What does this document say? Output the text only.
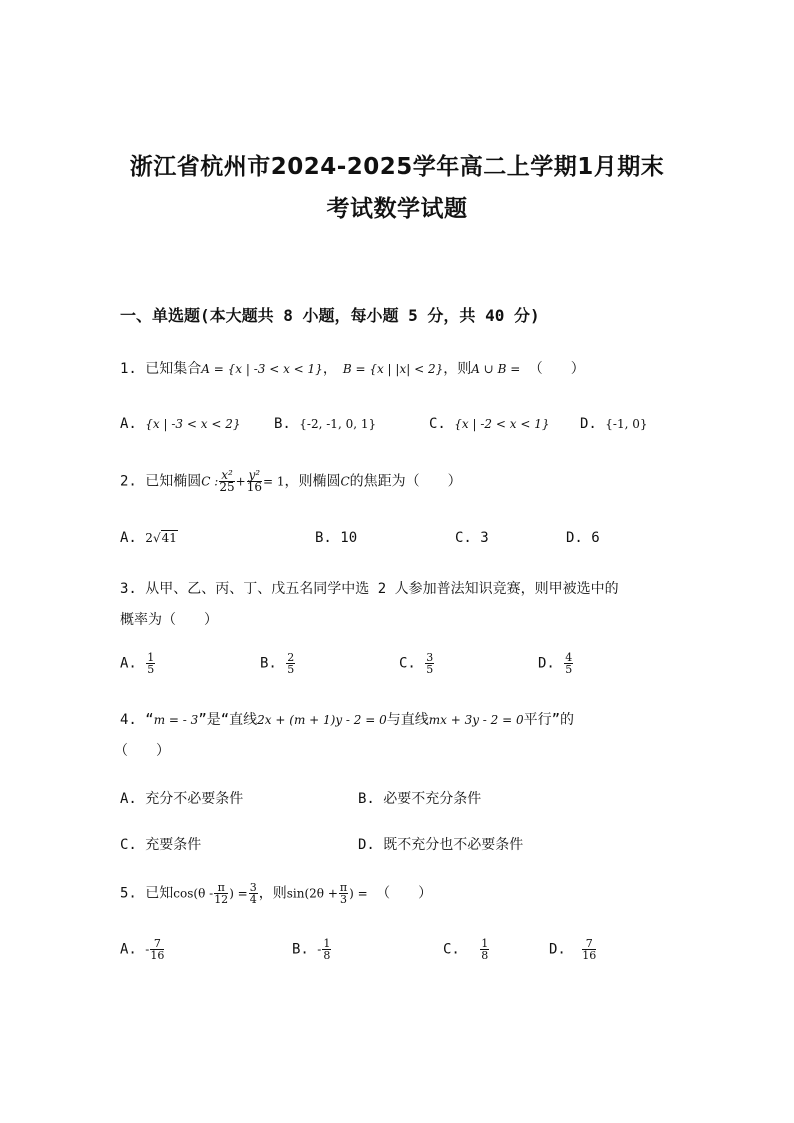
浙江省杭州市2024-2025学年高二上学期1月期末
考试数学试题
一、单选题(本大题共 8 小题，每小题 5 分，共 40 分)
1. 已知集合A = {x | -3 < x < 1}， B = {x | |x| < 2}，则A ∪ B = （　　）
A. {x | -3 < x < 2} B. {-2, -1, 0, 1}	C. {x | -2 < x < 1} D. {-1, 0}
2. 已知椭圆C : $\frac{\text{x²}}{25} + \frac{\text{y²}}{16} = 1$，则椭圆C的焦距为（　　）
A. 2√41	B. 10	C. 3	D. 6
3. 从甲、乙、丙、丁、戊五名同学中选 2 人参加普法知识竞赛，则甲被选中的
概率为（　　）
A. $\frac{1}{5}$	B. $\frac{2}{5}$	C. $\frac{3}{5}$	D. $\frac{4}{5}$
4. “m = - 3”是“直线2x + (m + 1)y - 2 = 0与直线mx + 3y - 2 = 0平行”的
（　　）
A. 充分不必要条件	B. 必要不充分条件
C. 充要条件	D. 既不充分也不必要条件
5. 已知$\cos(\theta - \frac{\pi}{12}$ ) = $\frac{3}{4}$ ，则$\sin(2\theta + \frac{\pi}{3}$ ) = （　　）
A. - $\frac{7}{16}$	B. - $\frac{1}{8}$	C. $\frac{1}{8}$	D. $\frac{7}{16}$
